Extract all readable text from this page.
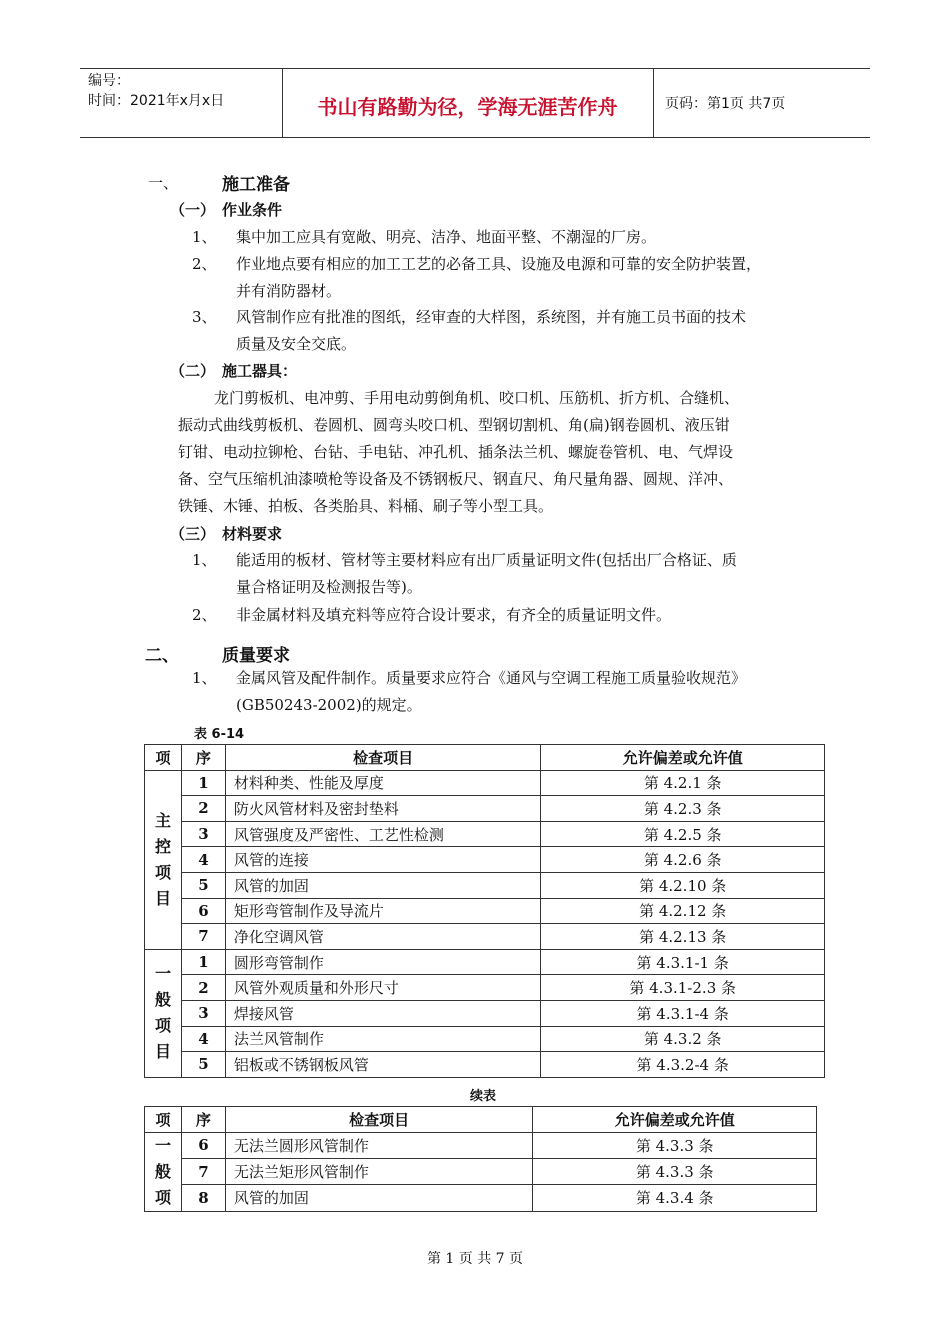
编号：
时间：2021年x月x日	书山有路勤为径，学海无涯苦作舟	页码：第1页 共7页
一、	施工准备
（一） 作业条件
1、 集中加工应具有宽敞、明亮、洁净、地面平整、不潮湿的厂房。
2、 作业地点要有相应的加工工艺的必备工具、设施及电源和可靠的安全防护装置，
并有消防器材。
3、 风管制作应有批准的图纸，经审查的大样图，系统图，并有施工员书面的技术
质量及安全交底。
（二） 施工器具：
龙门剪板机、电冲剪、手用电动剪倒角机、咬口机、压筋机、折方机、合缝机、
振动式曲线剪板机、卷圆机、圆弯头咬口机、型钢切割机、角(扁)钢卷圆机、液压钳
钉钳、电动拉铆枪、台钻、手电钻、冲孔机、插条法兰机、螺旋卷管机、电、气焊设
备、空气压缩机油漆喷枪等设备及不锈钢板尺、钢直尺、角尺量角器、圆规、洋冲、
铁锤、木锤、拍板、各类胎具、料桶、刷子等小型工具。
（三） 材料要求
1、 能适用的板材、管材等主要材料应有出厂质量证明文件(包括出厂合格证、质
量合格证明及检测报告等)。
2、 非金属材料及填充料等应符合设计要求，有齐全的质量证明文件。
二、	质量要求
1、 金属风管及配件制作。质量要求应符合《通风与空调工程施工质量验收规范》
(GB50243-2002)的规定。
表 6-14
项	序	检查项目	允许偏差或允许值

主控项目	1	材料种类、性能及厚度	第 4.2.1 条
	2	防火风管材料及密封垫料	第 4.2.3 条
	3	风管强度及严密性、工艺性检测	第 4.2.5 条
	4	风管的连接	第 4.2.6 条
	5	风管的加固	第 4.2.10 条
	6	矩形弯管制作及导流片	第 4.2.12 条
	7	净化空调风管	第 4.2.13 条

一般项目	1	圆形弯管制作	第 4.3.1-1 条
	2	风管外观质量和外形尺寸	第 4.3.1-2.3 条
	3	焊接风管	第 4.3.1-4 条
	4	法兰风管制作	第 4.3.2 条
	5	铝板或不锈钢板风管	第 4.3.2-4 条
续表
项	序	检查项目	允许偏差或允许值

一般项	6	无法兰圆形风管制作	第 4.3.3 条
	7	无法兰矩形风管制作	第 4.3.3 条
	8	风管的加固	第 4.3.4 条
第 1 页 共 7 页
